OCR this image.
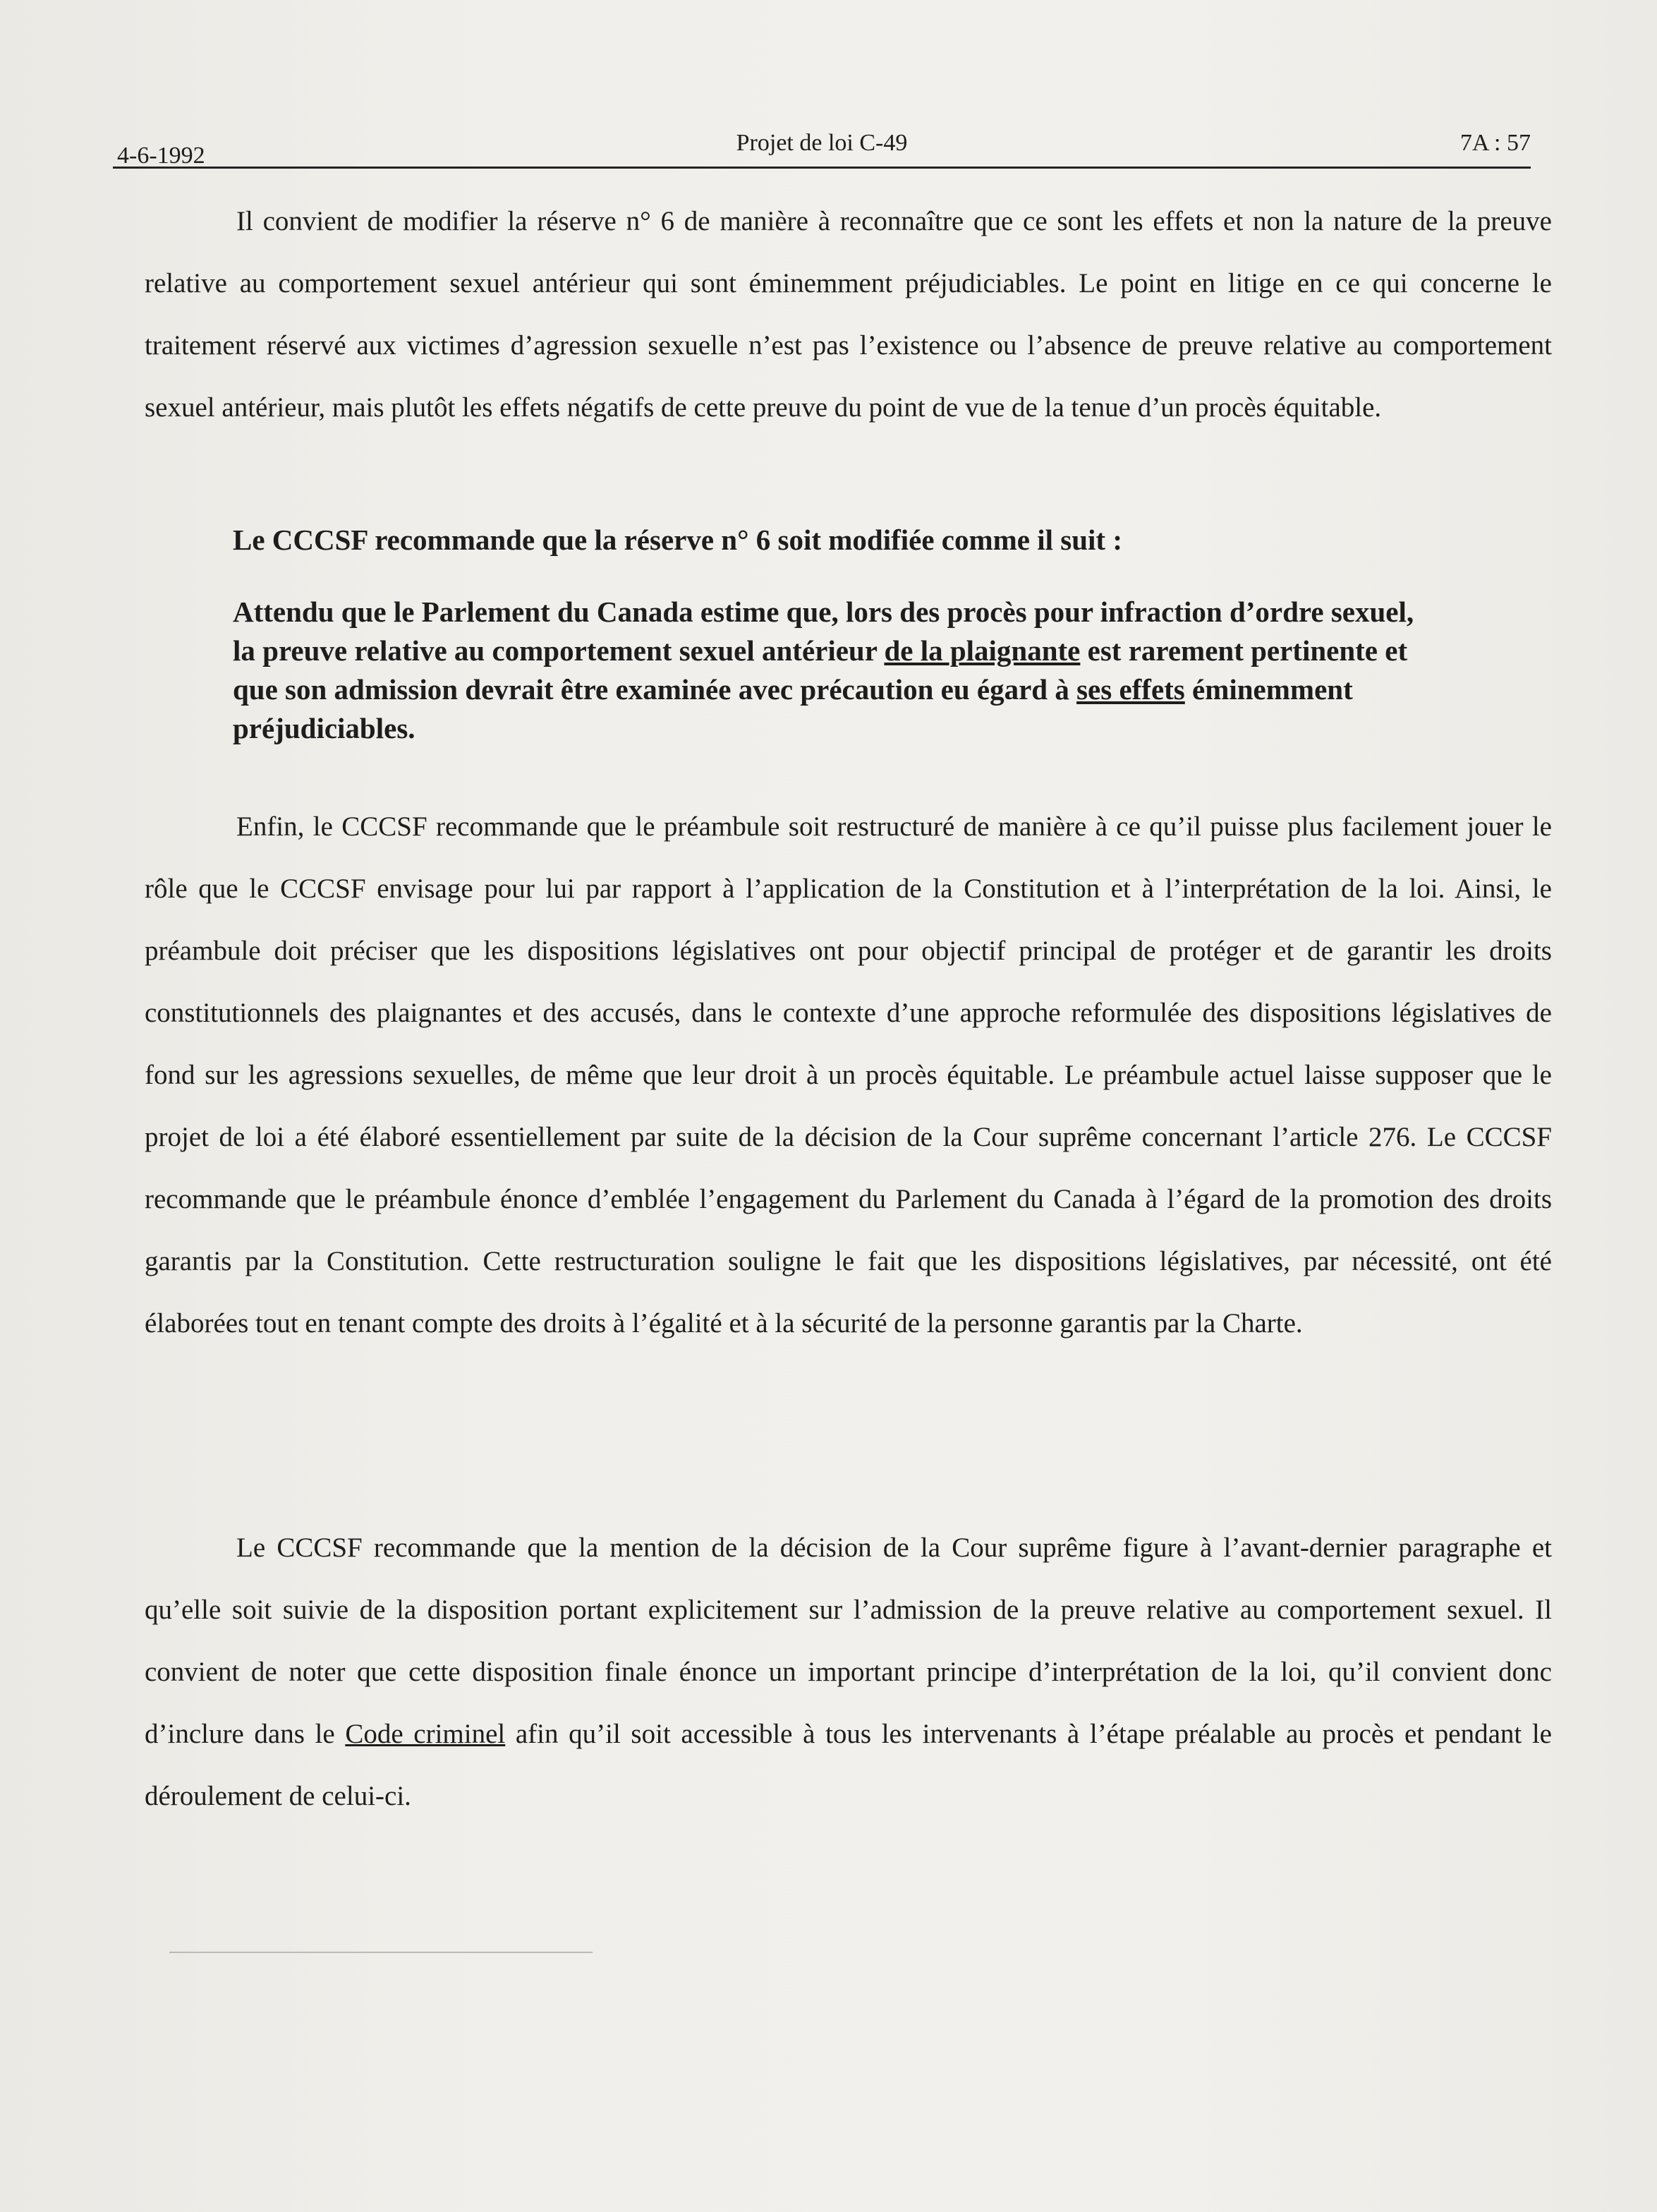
4-6-1992	Projet de loi C-49	7A : 57
Il convient de modifier la réserve n° 6 de manière à reconnaître que ce sont les effets et non la nature de la preuve relative au comportement sexuel antérieur qui sont éminemment préjudiciables. Le point en litige en ce qui concerne le traitement réservé aux victimes d’agression sexuelle n’est pas l’existence ou l’absence de preuve relative au comportement sexuel antérieur, mais plutôt les effets négatifs de cette preuve du point de vue de la tenue d’un procès équitable.
Le CCCSF recommande que la réserve n° 6 soit modifiée comme il suit :
Attendu que le Parlement du Canada estime que, lors des procès pour infraction d’ordre sexuel, la preuve relative au comportement sexuel antérieur de la plaignante est rarement pertinente et que son admission devrait être examinée avec précaution eu égard à ses effets éminemment préjudiciables.
Enfin, le CCCSF recommande que le préambule soit restructuré de manière à ce qu’il puisse plus facilement jouer le rôle que le CCCSF envisage pour lui par rapport à l’application de la Constitution et à l’interprétation de la loi. Ainsi, le préambule doit préciser que les dispositions législatives ont pour objectif principal de protéger et de garantir les droits constitutionnels des plaignantes et des accusés, dans le contexte d’une approche reformulée des dispositions législatives de fond sur les agressions sexuelles, de même que leur droit à un procès équitable. Le préambule actuel laisse supposer que le projet de loi a été élaboré essentiellement par suite de la décision de la Cour suprême concernant l’article 276. Le CCCSF recommande que le préambule énonce d’emblée l’engagement du Parlement du Canada à l’égard de la promotion des droits garantis par la Constitution. Cette restructuration souligne le fait que les dispositions législatives, par nécessité, ont été élaborées tout en tenant compte des droits à l’égalité et à la sécurité de la personne garantis par la Charte.
Le CCCSF recommande que la mention de la décision de la Cour suprême figure à l’avant-dernier paragraphe et qu’elle soit suivie de la disposition portant explicitement sur l’admission de la preuve relative au comportement sexuel. Il convient de noter que cette disposition finale énonce un important principe d’interprétation de la loi, qu’il convient donc d’inclure dans le Code criminel afin qu’il soit accessible à tous les intervenants à l’étape préalable au procès et pendant le déroulement de celui-ci.
